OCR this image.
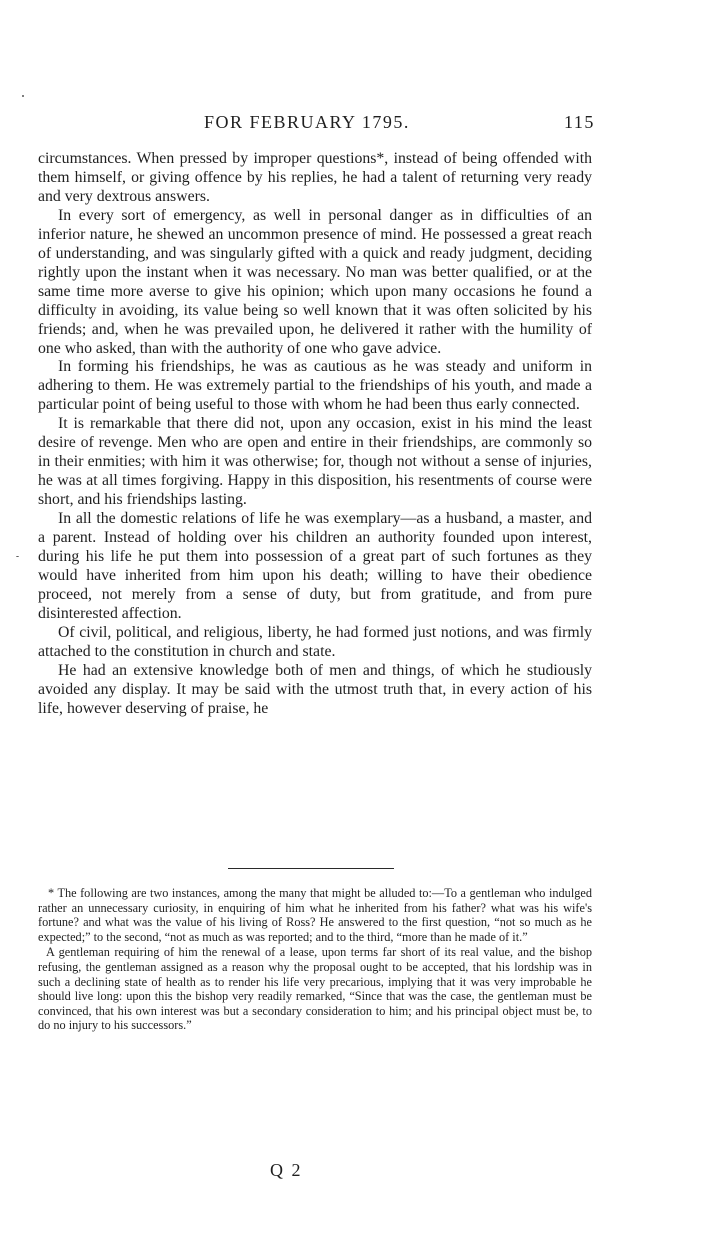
FOR FEBRUARY 1795.	115

circumstances. When pressed by improper questions*, instead of being offended with them himself, or giving offence by his replies, he had a talent of returning very ready and very dextrous answers.

In every sort of emergency, as well in personal danger as in difficulties of an inferior nature, he shewed an uncommon presence of mind. He possessed a great reach of understanding, and was singularly gifted with a quick and ready judgment, deciding rightly upon the instant when it was necessary. No man was better qualified, or at the same time more averse to give his opinion; which upon many occasions he found a difficulty in avoiding, its value being so well known that it was often solicited by his friends; and, when he was prevailed upon, he delivered it rather with the humility of one who asked, than with the authority of one who gave advice.

In forming his friendships, he was as cautious as he was steady and uniform in adhering to them. He was extremely partial to the friendships of his youth, and made a particular point of being useful to those with whom he had been thus early connected.

It is remarkable that there did not, upon any occasion, exist in his mind the least desire of revenge. Men who are open and entire in their friendships, are commonly so in their enmities; with him it was otherwise; for, though not without a sense of injuries, he was at all times forgiving. Happy in this disposition, his resentments of course were short, and his friendships lasting.

In all the domestic relations of life he was exemplary—as a husband, a master, and a parent. Instead of holding over his children an authority founded upon interest, during his life he put them into possession of a great part of such fortunes as they would have inherited from him upon his death; willing to have their obedience proceed, not merely from a sense of duty, but from gratitude, and from pure disinterested affection.

Of civil, political, and religious, liberty, he had formed just notions, and was firmly attached to the constitution in church and state.

He had an extensive knowledge both of men and things, of which he studiously avoided any display. It may be said with the utmost truth that, in every action of his life, however deserving of praise, he

* The following are two instances, among the many that might be alluded to:—To a gentleman who indulged rather an unnecessary curiosity, in enquiring of him what he inherited from his father? what was his wife's fortune? and what was the value of his living of Ross? He answered to the first question, “not so much as he expected;” to the second, “not as much as was reported; and to the third, “more than he made of it.”

A gentleman requiring of him the renewal of a lease, upon terms far short of its real value, and the bishop refusing, the gentleman assigned as a reason why the proposal ought to be accepted, that his lordship was in such a declining state of health as to render his life very precarious, implying that it was very improbable he should live long: upon this the bishop very readily remarked, “Since that was the case, the gentleman must be convinced, that his own interest was but a secondary consideration to him; and his principal object must be, to do no injury to his successors.”

Q 2
